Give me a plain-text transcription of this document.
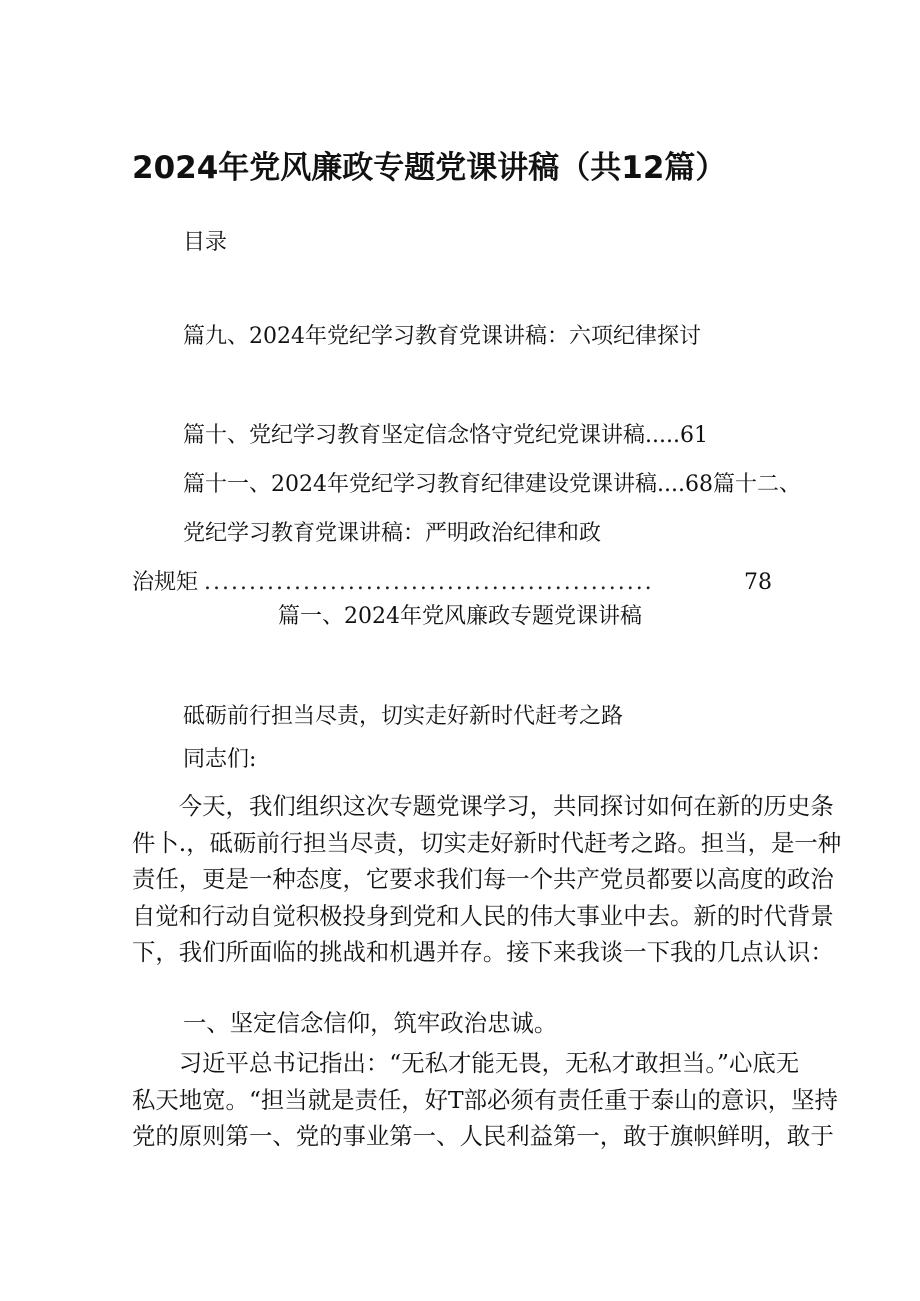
2024年党风廉政专题党课讲稿（共12篇）
目录
篇九、2024年党纪学习教育党课讲稿：六项纪律探讨
篇十、党纪学习教育坚定信念恪守党纪党课讲稿.....61
篇十一、2024年党纪学习教育纪律建设党课讲稿....68篇十二、
党纪学习教育党课讲稿：严明政治纪律和政
治规矩 ..................................................	78
篇一、2024年党风廉政专题党课讲稿
砥砺前行担当尽责，切实走好新时代赶考之路
同志们:
　　今天，我们组织这次专题党课学习，共同探讨如何在新的历史条
件卜.，砥砺前行担当尽责，切实走好新时代赶考之路。担当，是一种
责任，更是一种态度，它要求我们每一个共产党员都要以高度的政治
自觉和行动自觉积极投身到党和人民的伟大事业中去。新的时代背景
下，我们所面临的挑战和机遇并存。接下来我谈一下我的几点认识：
一、坚定信念信仰，筑牢政治忠诚。
　　习近平总书记指出：“无私才能无畏，无私才敢担当。”心底无
私天地宽。“担当就是责任，好T部必须有责任重于泰山的意识，坚持
党的原则第一、党的事业第一、人民利益第一，敢于旗帜鲜明，敢于
